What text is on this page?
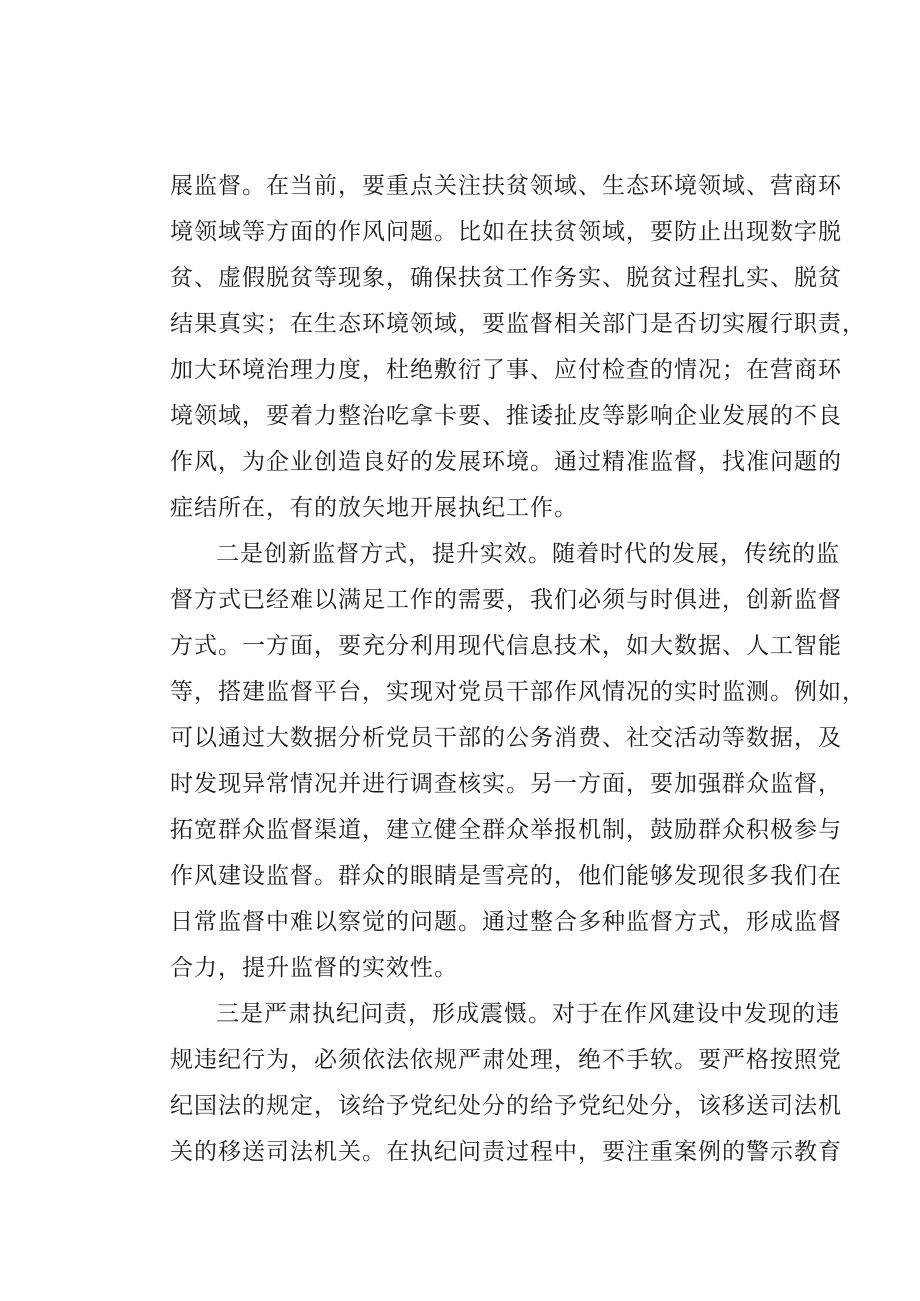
展监督。在当前，要重点关注扶贫领域、生态环境领域、营商环
境领域等方面的作风问题。比如在扶贫领域，要防止出现数字脱
贫、虚假脱贫等现象，确保扶贫工作务实、脱贫过程扎实、脱贫
结果真实；在生态环境领域，要监督相关部门是否切实履行职责，
加大环境治理力度，杜绝敷衍了事、应付检查的情况；在营商环
境领域，要着力整治吃拿卡要、推诿扯皮等影响企业发展的不良
作风，为企业创造良好的发展环境。通过精准监督，找准问题的
症结所在，有的放矢地开展执纪工作。
二是创新监督方式，提升实效。随着时代的发展，传统的监
督方式已经难以满足工作的需要，我们必须与时俱进，创新监督
方式。一方面，要充分利用现代信息技术，如大数据、人工智能
等，搭建监督平台，实现对党员干部作风情况的实时监测。例如，
可以通过大数据分析党员干部的公务消费、社交活动等数据，及
时发现异常情况并进行调查核实。另一方面，要加强群众监督，
拓宽群众监督渠道，建立健全群众举报机制，鼓励群众积极参与
作风建设监督。群众的眼睛是雪亮的，他们能够发现很多我们在
日常监督中难以察觉的问题。通过整合多种监督方式，形成监督
合力，提升监督的实效性。
三是严肃执纪问责，形成震慑。对于在作风建设中发现的违
规违纪行为，必须依法依规严肃处理，绝不手软。要严格按照党
纪国法的规定，该给予党纪处分的给予党纪处分，该移送司法机
关的移送司法机关。在执纪问责过程中，要注重案例的警示教育
